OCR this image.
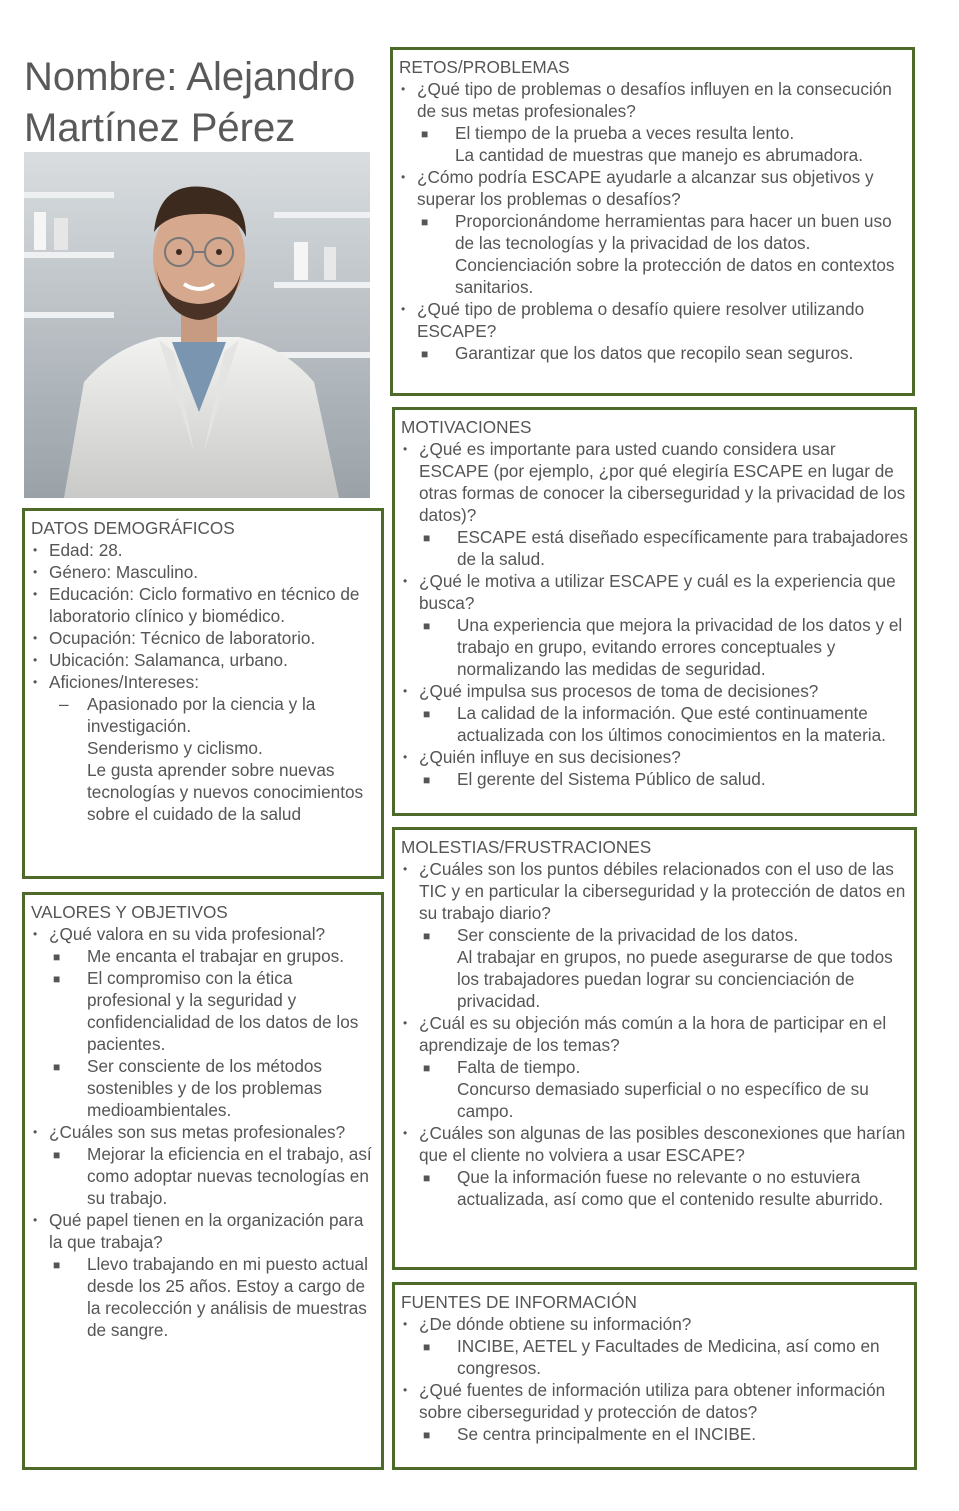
Nombre: Alejandro
Martínez Pérez
RETOS/PROBLEMAS
• ¿Qué tipo de problemas o desafíos influyen en la consecución de sus metas profesionales?
■ El tiempo de la prueba a veces resulta lento.
La cantidad de muestras que manejo es abrumadora.
• ¿Cómo podría ESCAPE ayudarle a alcanzar sus objetivos y superar los problemas o desafíos?
■ Proporcionándome herramientas para hacer un buen uso de las tecnologías y la privacidad de los datos.
Concienciación sobre la protección de datos en contextos sanitarios.
• ¿Qué tipo de problema o desafío quiere resolver utilizando ESCAPE?
■ Garantizar que los datos que recopilo sean seguros.
MOTIVACIONES
• ¿Qué es importante para usted cuando considera usar ESCAPE (por ejemplo, ¿por qué elegiría ESCAPE en lugar de otras formas de conocer la ciberseguridad y la privacidad de los datos)?
■ ESCAPE está diseñado específicamente para trabajadores de la salud.
• ¿Qué le motiva a utilizar ESCAPE y cuál es la experiencia que busca?
■ Una experiencia que mejora la privacidad de los datos y el trabajo en grupo, evitando errores conceptuales y normalizando las medidas de seguridad.
• ¿Qué impulsa sus procesos de toma de decisiones?
■ La calidad de la información. Que esté continuamente actualizada con los últimos conocimientos en la materia.
• ¿Quién influye en sus decisiones?
■ El gerente del Sistema Público de salud.
DATOS DEMOGRÁFICOS
• Edad: 28.
• Género: Masculino.
• Educación: Ciclo formativo en técnico de laboratorio clínico y biomédico.
• Ocupación: Técnico de laboratorio.
• Ubicación: Salamanca, urbano.
• Aficiones/Intereses:
– Apasionado por la ciencia y la investigación.
Senderismo y ciclismo.
Le gusta aprender sobre nuevas tecnologías y nuevos conocimientos sobre el cuidado de la salud
MOLESTIAS/FRUSTRACIONES
• ¿Cuáles son los puntos débiles relacionados con el uso de las TIC y en particular la ciberseguridad y la protección de datos en su trabajo diario?
■ Ser consciente de la privacidad de los datos.
Al trabajar en grupos, no puede asegurarse de que todos los trabajadores puedan lograr su concienciación de privacidad.
• ¿Cuál es su objeción más común a la hora de participar en el aprendizaje de los temas?
■ Falta de tiempo.
Concurso demasiado superficial o no específico de su campo.
• ¿Cuáles son algunas de las posibles desconexiones que harían que el cliente no volviera a usar ESCAPE?
■ Que la información fuese no relevante o no estuviera actualizada, así como que el contenido resulte aburrido.
VALORES Y OBJETIVOS
• ¿Qué valora en su vida profesional?
■ Me encanta el trabajar en grupos.
■ El compromiso con la ética profesional y la seguridad y confidencialidad de los datos de los pacientes.
■ Ser consciente de los métodos sostenibles y de los problemas medioambientales.
• ¿Cuáles son sus metas profesionales?
■ Mejorar la eficiencia en el trabajo, así como adoptar nuevas tecnologías en su trabajo.
• Qué papel tienen en la organización para la que trabaja?
■ Llevo trabajando en mi puesto actual desde los 25 años. Estoy a cargo de la recolección y análisis de muestras de sangre.
FUENTES DE INFORMACIÓN
• ¿De dónde obtiene su información?
■ INCIBE, AETEL y Facultades de Medicina, así como en congresos.
• ¿Qué fuentes de información utiliza para obtener información sobre ciberseguridad y protección de datos?
■ Se centra principalmente en el INCIBE.
